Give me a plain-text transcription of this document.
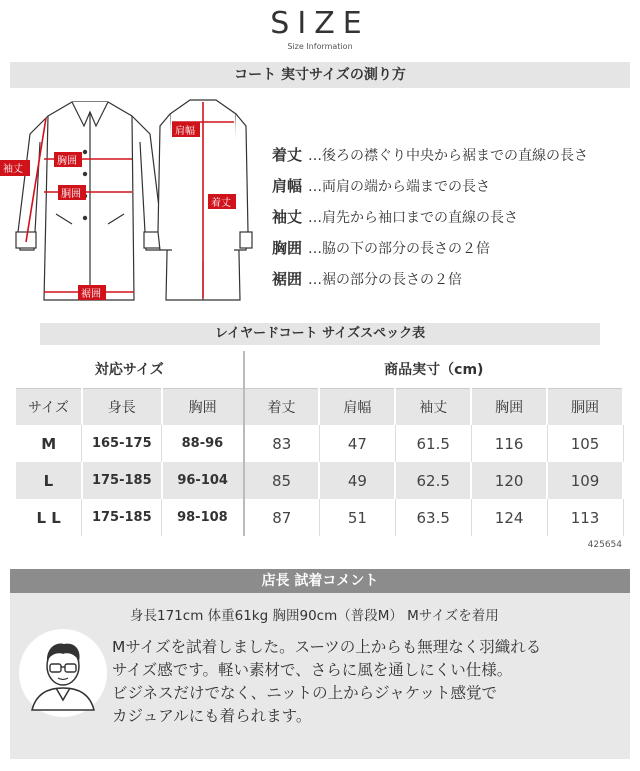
SIZE
Size Information
コート 実寸サイズの測り方
袖丈
胸囲
胴囲
裾囲
肩幅
着丈
着丈 …後ろの襟ぐり中央から裾までの直線の長さ
肩幅 …両肩の端から端までの長さ
袖丈 …肩先から袖口までの直線の長さ
胸囲 …脇の下の部分の長さの２倍
裾囲 …裾の部分の長さの２倍
レイヤードコート サイズスペック表
対応サイズ			商品実寸（cm)				
サイズ	身長	胸囲	着丈	肩幅	袖丈	胸囲	胴囲
M	165-175	88-96	83	47	61.5	116	105
L	175-185	96-104	85	49	62.5	120	109
L L	175-185	98-108	87	51	63.5	124	113
425654
店長 試着コメント
身長171cm 体重61kg 胸囲90cm（普段M） Mサイズを着用
Mサイズを試着しました。スーツの上からも無理なく羽織れる
サイズ感です。軽い素材で、さらに風を通しにくい仕様。
ビジネスだけでなく、ニットの上からジャケット感覚で
カジュアルにも着られます。
